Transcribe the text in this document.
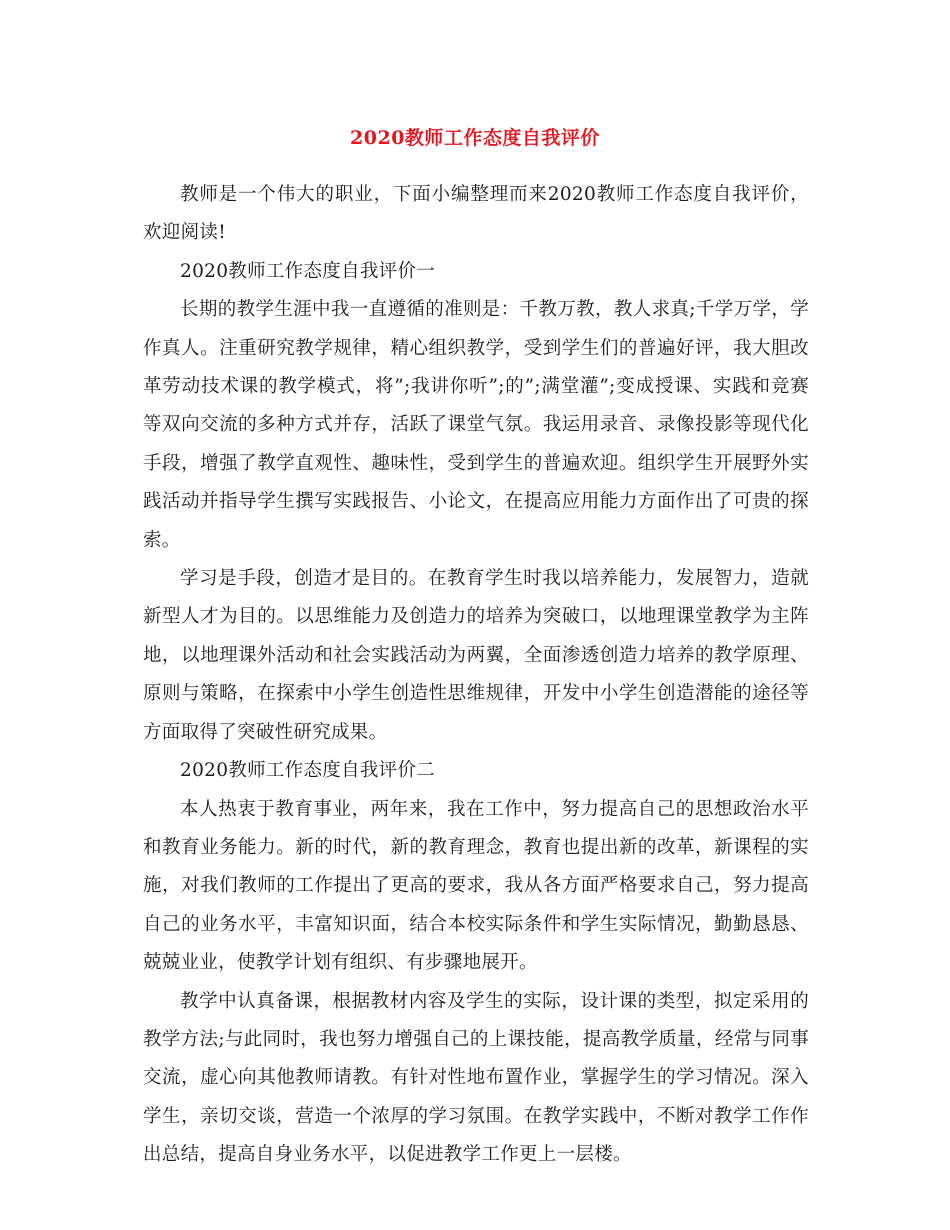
2020教师工作态度自我评价

教师是一个伟大的职业，下面小编整理而来2020教师工作态度自我评价，欢迎阅读!

2020教师工作态度自我评价一

长期的教学生涯中我一直遵循的准则是：千教万教，教人求真;千学万学，学作真人。注重研究教学规律，精心组织教学，受到学生们的普遍好评，我大胆改革劳动技术课的教学模式，将”;我讲你听”;的”;满堂灌”;变成授课、实践和竞赛等双向交流的多种方式并存，活跃了课堂气氛。我运用录音、录像投影等现代化手段，增强了教学直观性、趣味性，受到学生的普遍欢迎。组织学生开展野外实践活动并指导学生撰写实践报告、小论文，在提高应用能力方面作出了可贵的探索。

学习是手段，创造才是目的。在教育学生时我以培养能力，发展智力，造就新型人才为目的。以思维能力及创造力的培养为突破口，以地理课堂教学为主阵地，以地理课外活动和社会实践活动为两翼，全面渗透创造力培养的教学原理、原则与策略，在探索中小学生创造性思维规律，开发中小学生创造潜能的途径等方面取得了突破性研究成果。

2020教师工作态度自我评价二

本人热衷于教育事业，两年来，我在工作中，努力提高自己的思想政治水平和教育业务能力。新的时代，新的教育理念，教育也提出新的改革，新课程的实施，对我们教师的工作提出了更高的要求，我从各方面严格要求自己，努力提高自己的业务水平，丰富知识面，结合本校实际条件和学生实际情况，勤勤恳恳、兢兢业业，使教学计划有组织、有步骤地展开。

教学中认真备课，根据教材内容及学生的实际，设计课的类型，拟定采用的教学方法;与此同时，我也努力增强自己的上课技能，提高教学质量，经常与同事交流，虚心向其他教师请教。有针对性地布置作业，掌握学生的学习情况。深入学生，亲切交谈，营造一个浓厚的学习氛围。在教学实践中，不断对教学工作作出总结，提高自身业务水平，以促进教学工作更上一层楼。
